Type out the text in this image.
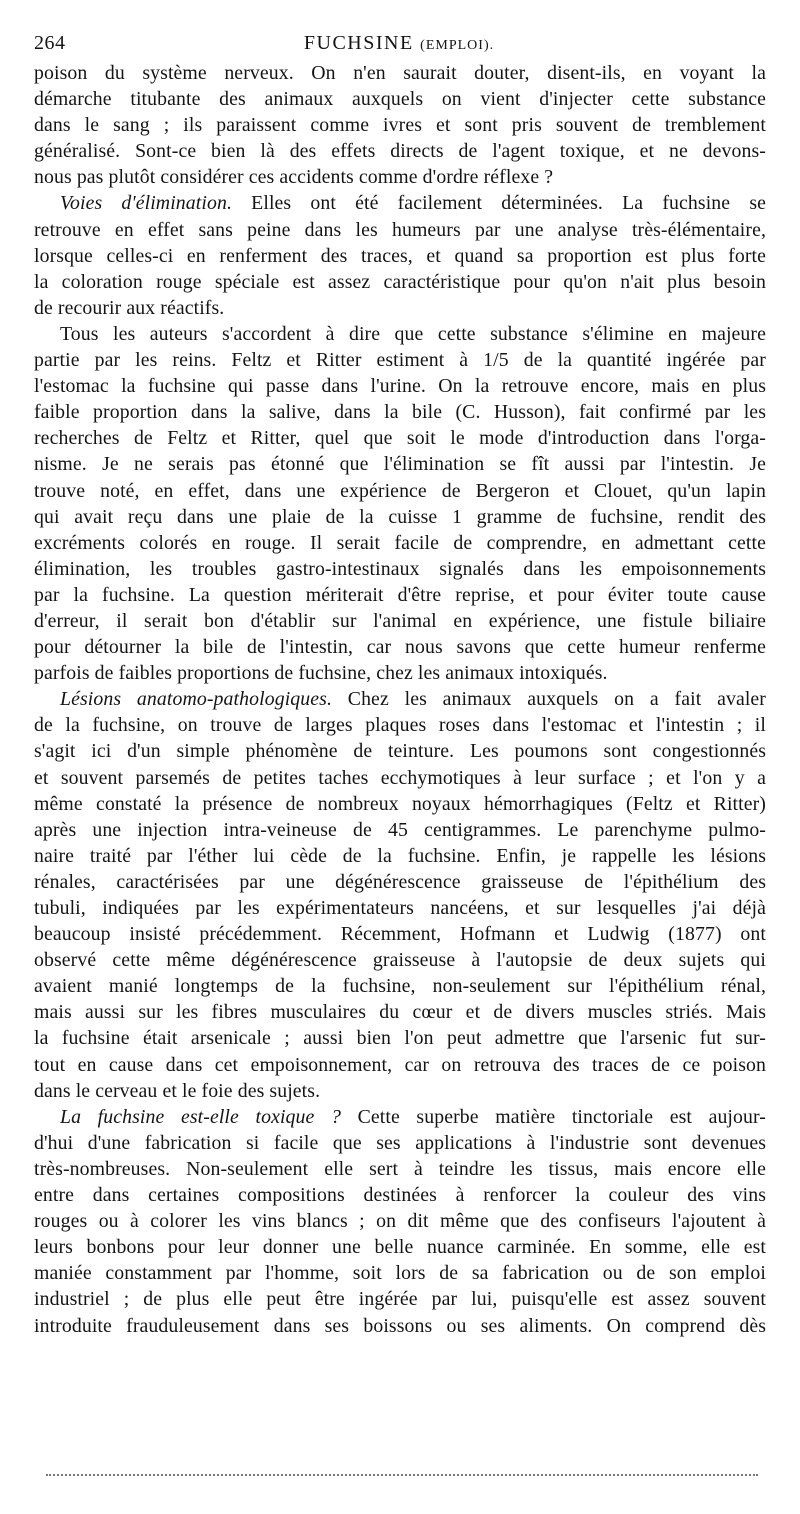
264	FUCHSINE (EMPLOI).
poison du système nerveux. On n'en saurait douter, disent-ils, en voyant la
démarche titubante des animaux auxquels on vient d'injecter cette substance
dans le sang ; ils paraissent comme ivres et sont pris souvent de tremblement
généralisé. Sont-ce bien là des effets directs de l'agent toxique, et ne devons-
nous pas plutôt considérer ces accidents comme d'ordre réflexe ?
Voies d'élimination. Elles ont été facilement déterminées. La fuchsine se
retrouve en effet sans peine dans les humeurs par une analyse très-élémentaire,
lorsque celles-ci en renferment des traces, et quand sa proportion est plus forte
la coloration rouge spéciale est assez caractéristique pour qu'on n'ait plus besoin
de recourir aux réactifs.
Tous les auteurs s'accordent à dire que cette substance s'élimine en majeure
partie par les reins. Feltz et Ritter estiment à 1/5 de la quantité ingérée par
l'estomac la fuchsine qui passe dans l'urine. On la retrouve encore, mais en plus
faible proportion dans la salive, dans la bile (C. Husson), fait confirmé par les
recherches de Feltz et Ritter, quel que soit le mode d'introduction dans l'orga-
nisme. Je ne serais pas étonné que l'élimination se fît aussi par l'intestin. Je
trouve noté, en effet, dans une expérience de Bergeron et Clouet, qu'un lapin
qui avait reçu dans une plaie de la cuisse 1 gramme de fuchsine, rendit des
excréments colorés en rouge. Il serait facile de comprendre, en admettant cette
élimination, les troubles gastro-intestinaux signalés dans les empoisonnements
par la fuchsine. La question mériterait d'être reprise, et pour éviter toute cause
d'erreur, il serait bon d'établir sur l'animal en expérience, une fistule biliaire
pour détourner la bile de l'intestin, car nous savons que cette humeur renferme
parfois de faibles proportions de fuchsine, chez les animaux intoxiqués.
Lésions anatomo-pathologiques. Chez les animaux auxquels on a fait avaler
de la fuchsine, on trouve de larges plaques roses dans l'estomac et l'intestin ; il
s'agit ici d'un simple phénomène de teinture. Les poumons sont congestionnés
et souvent parsemés de petites taches ecchymotiques à leur surface ; et l'on y a
même constaté la présence de nombreux noyaux hémorrhagiques (Feltz et Ritter)
après une injection intra-veineuse de 45 centigrammes. Le parenchyme pulmo-
naire traité par l'éther lui cède de la fuchsine. Enfin, je rappelle les lésions
rénales, caractérisées par une dégénérescence graisseuse de l'épithélium des
tubuli, indiquées par les expérimentateurs nancéens, et sur lesquelles j'ai déjà
beaucoup insisté précédemment. Récemment, Hofmann et Ludwig (1877) ont
observé cette même dégénérescence graisseuse à l'autopsie de deux sujets qui
avaient manié longtemps de la fuchsine, non-seulement sur l'épithélium rénal,
mais aussi sur les fibres musculaires du cœur et de divers muscles striés. Mais
la fuchsine était arsenicale ; aussi bien l'on peut admettre que l'arsenic fut sur-
tout en cause dans cet empoisonnement, car on retrouva des traces de ce poison
dans le cerveau et le foie des sujets.
La fuchsine est-elle toxique ? Cette superbe matière tinctoriale est aujour-
d'hui d'une fabrication si facile que ses applications à l'industrie sont devenues
très-nombreuses. Non-seulement elle sert à teindre les tissus, mais encore elle
entre dans certaines compositions destinées à renforcer la couleur des vins
rouges ou à colorer les vins blancs ; on dit même que des confiseurs l'ajoutent à
leurs bonbons pour leur donner une belle nuance carminée. En somme, elle est
maniée constamment par l'homme, soit lors de sa fabrication ou de son emploi
industriel ; de plus elle peut être ingérée par lui, puisqu'elle est assez souvent
introduite frauduleusement dans ses boissons ou ses aliments. On comprend dès
